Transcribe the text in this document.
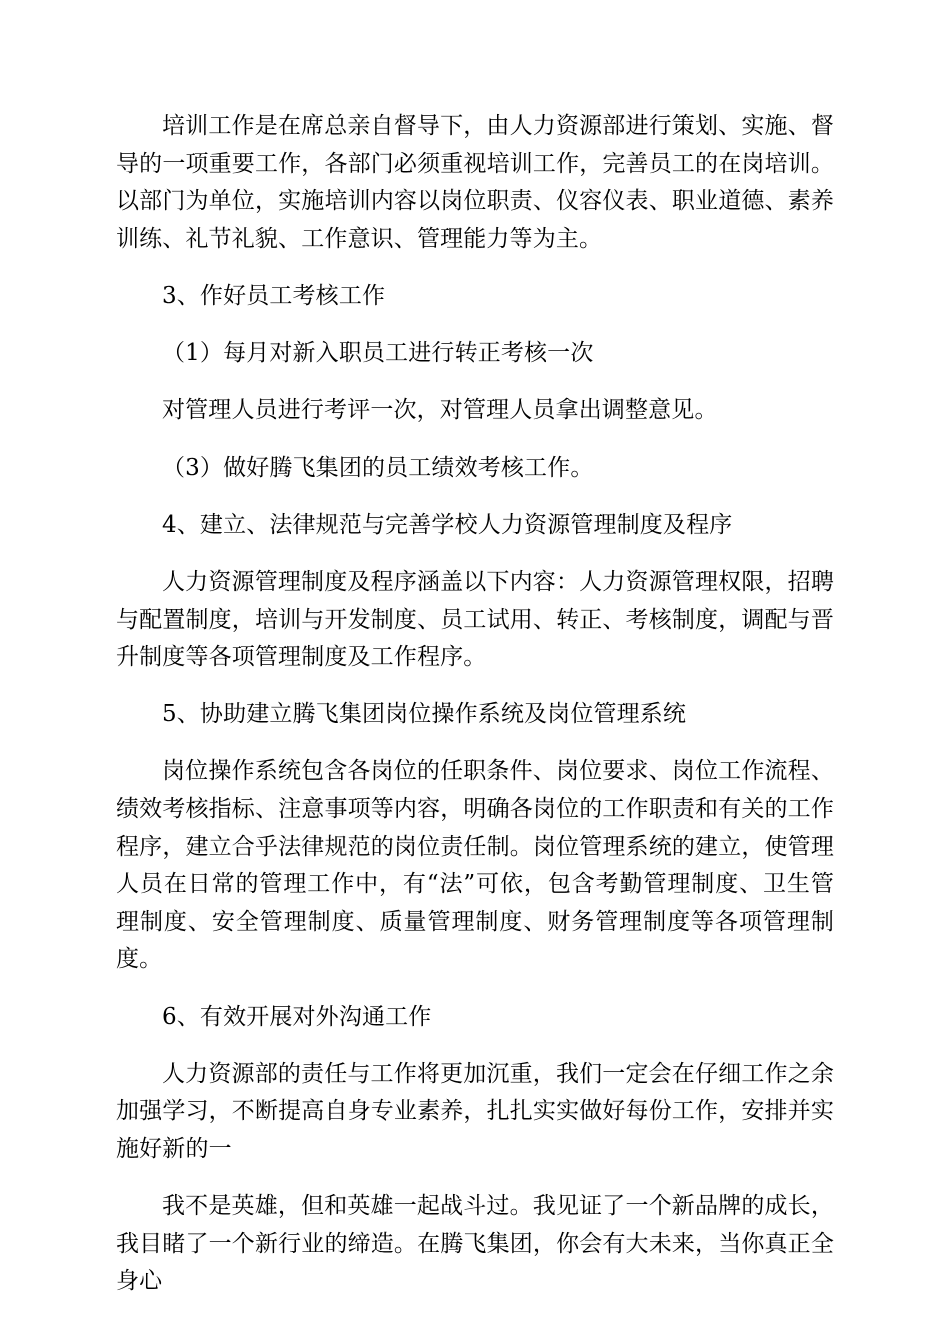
培训工作是在席总亲自督导下，由人力资源部进行策划、实施、督导的一项重要工作，各部门必须重视培训工作，完善员工的在岗培训。以部门为单位，实施培训内容以岗位职责、仪容仪表、职业道德、素养训练、礼节礼貌、工作意识、管理能力等为主。

3、作好员工考核工作

（1）每月对新入职员工进行转正考核一次

对管理人员进行考评一次，对管理人员拿出调整意见。

（3）做好腾飞集团的员工绩效考核工作。

4、建立、法律规范与完善学校人力资源管理制度及程序

人力资源管理制度及程序涵盖以下内容：人力资源管理权限，招聘与配置制度，培训与开发制度、员工试用、转正、考核制度，调配与晋升制度等各项管理制度及工作程序。

5、协助建立腾飞集团岗位操作系统及岗位管理系统

岗位操作系统包含各岗位的任职条件、岗位要求、岗位工作流程、绩效考核指标、注意事项等内容，明确各岗位的工作职责和有关的工作程序，建立合乎法律规范的岗位责任制。岗位管理系统的建立，使管理人员在日常的管理工作中，有“法”可依，包含考勤管理制度、卫生管理制度、安全管理制度、质量管理制度、财务管理制度等各项管理制度。

6、有效开展对外沟通工作

人力资源部的责任与工作将更加沉重，我们一定会在仔细工作之余加强学习，不断提高自身专业素养，扎扎实实做好每份工作，安排并实施好新的一

我不是英雄，但和英雄一起战斗过。我见证了一个新品牌的成长，我目睹了一个新行业的缔造。在腾飞集团，你会有大未来，当你真正全身心
